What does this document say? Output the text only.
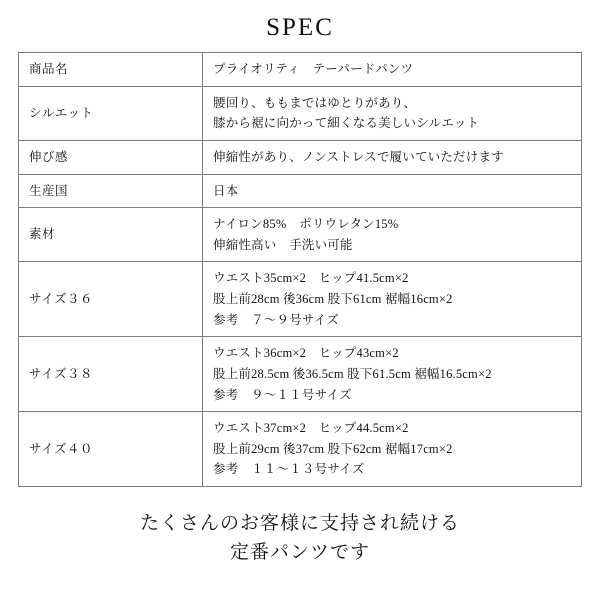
SPEC
商品名	プライオリティ　テーパードパンツ

シルエット	腰回り、ももまではゆとりがあり、
膝から裾に向かって細くなる美しいシルエット

伸び感	伸縮性があり、ノンストレスで履いていただけます

生産国	日本

素材	ナイロン85%　ポリウレタン15%
伸縮性高い　手洗い可能

サイズ３６	ウエスト35cm×2　ヒップ41.5cm×2
股上前28cm 後36cm 股下61cm 裾幅16cm×2
参考　７～９号サイズ

サイズ３８	ウエスト36cm×2　ヒップ43cm×2
股上前28.5cm 後36.5cm 股下61.5cm 裾幅16.5cm×2
参考　９～１１号サイズ

サイズ４０	ウエスト37cm×2　ヒップ44.5cm×2
股上前29cm 後37cm 股下62cm 裾幅17cm×2
参考　１１～１３号サイズ
たくさんのお客様に支持され続ける
定番パンツです
